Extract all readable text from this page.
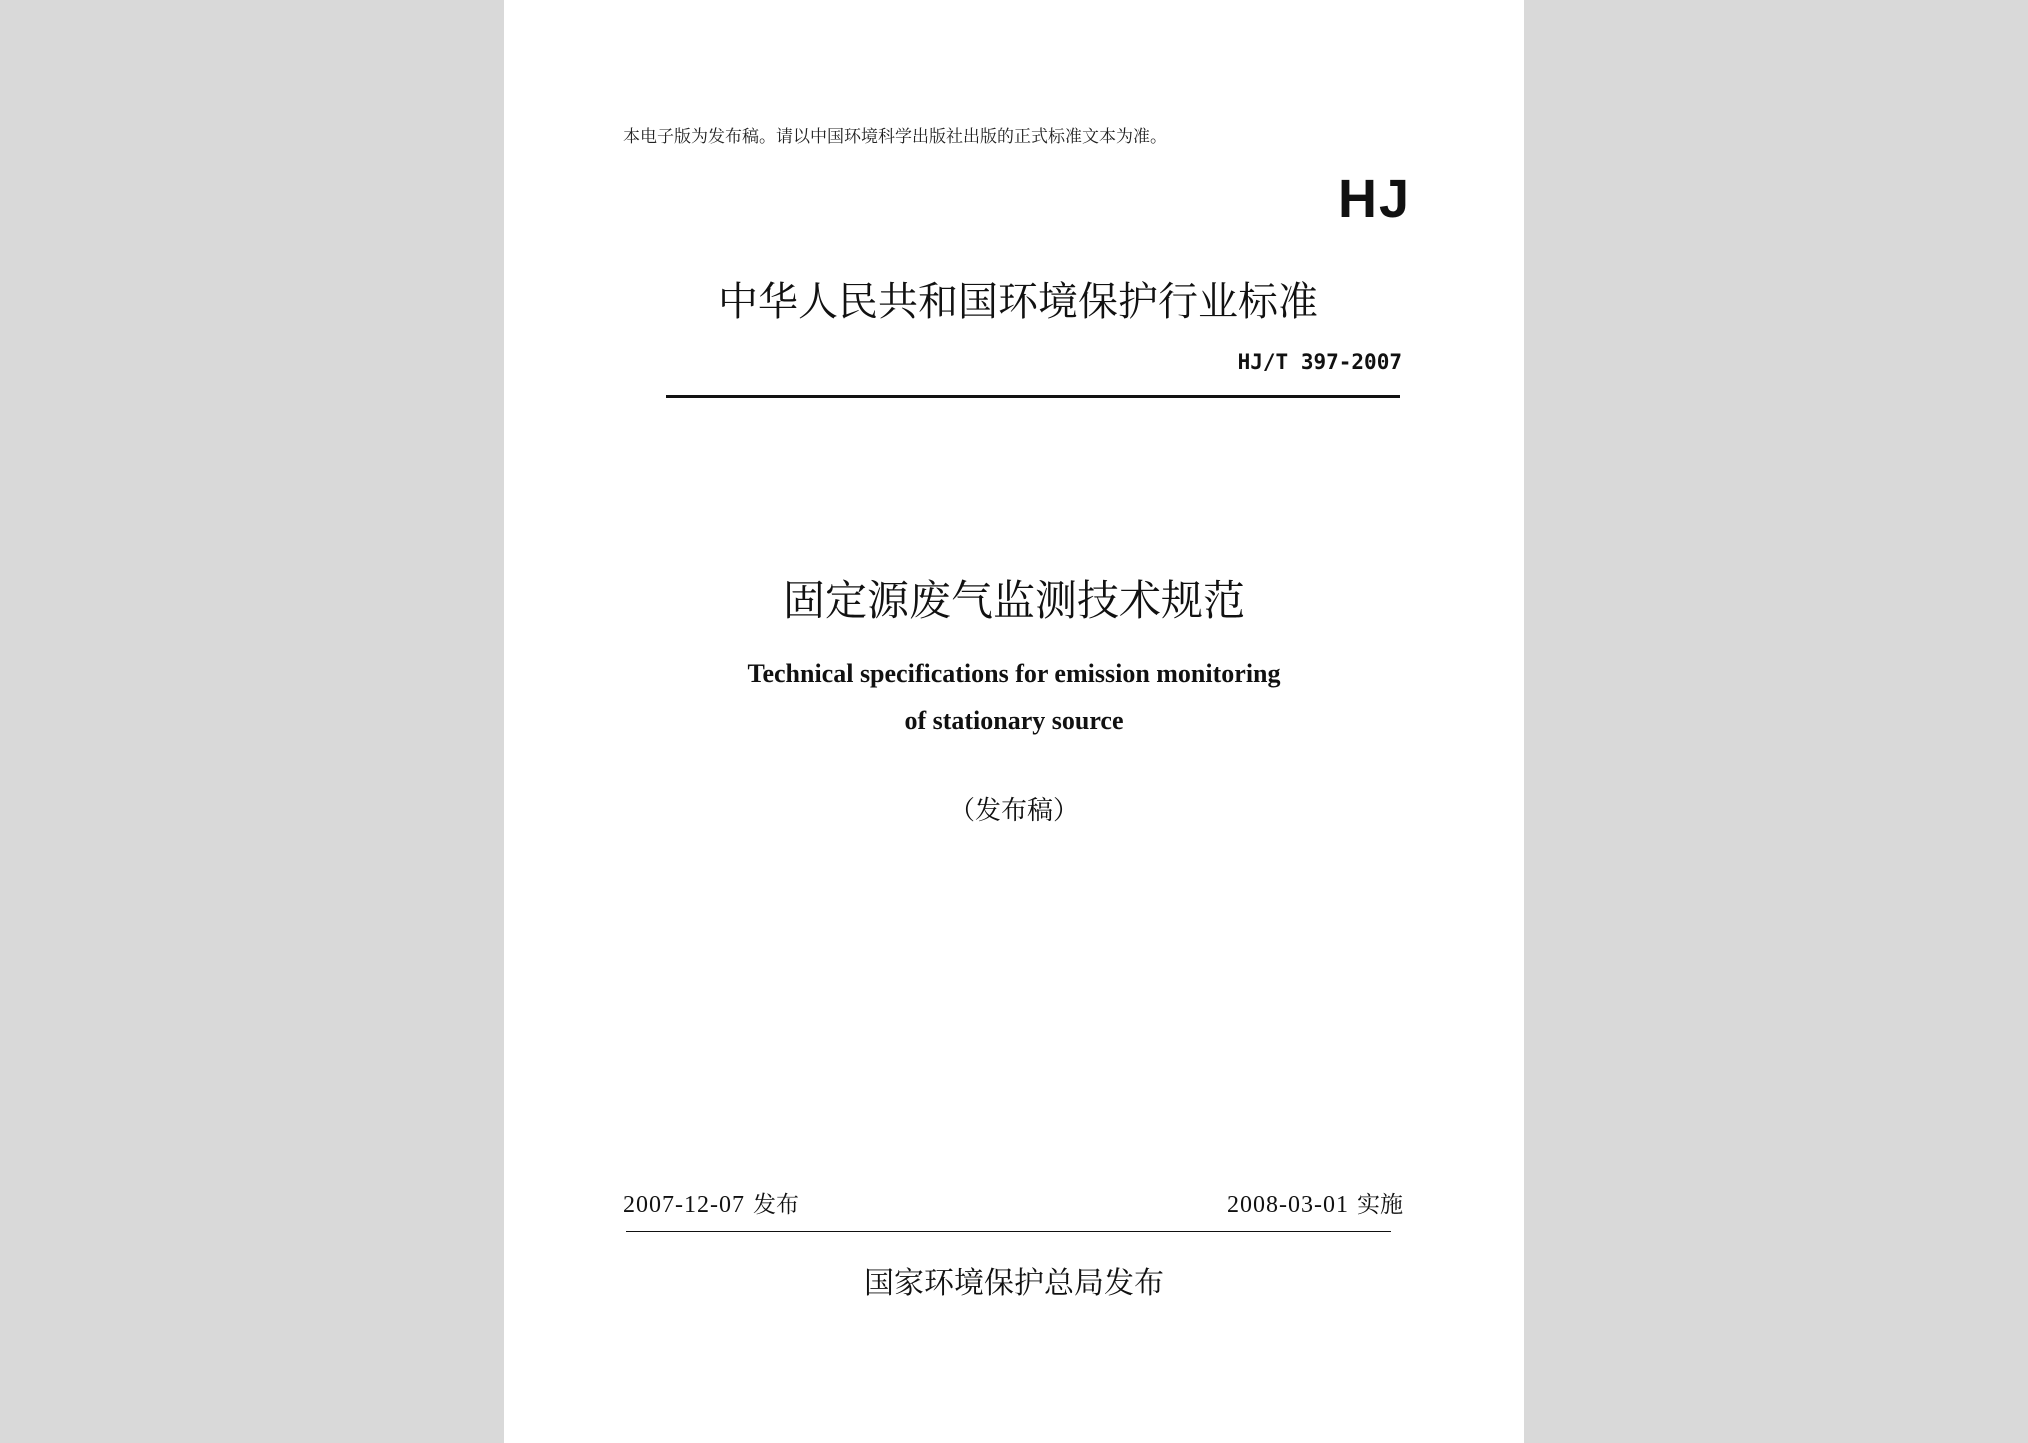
本电子版为发布稿。请以中国环境科学出版社出版的正式标准文本为准。
HJ
中华人民共和国环境保护行业标准
HJ/T 397-2007
固定源废气监测技术规范
Technical specifications for emission monitoring
of stationary source
（发布稿）
2007-12-07 发布	2008-03-01 实施
国家环境保护总局发布
